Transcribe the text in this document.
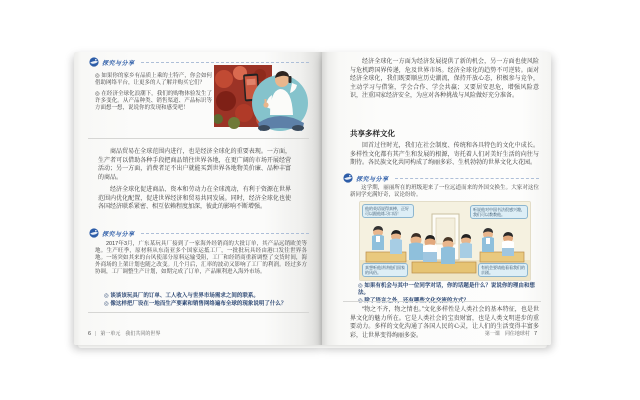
探究与分享
◎ 如果你的家乡有品质上乘的土特产，你会如何借助网络平台，让更多的人了解并购买它们？
◎ 在经济全球化浪潮下，我们的购物体验发生了许多变化。从产品种类、销售渠道、产品标识等方面想一想，说说你的发现和感受吧！
商品贸易在全球范围内进行，也是经济全球化的重要表现。一方面，生产者可以借助各种手段把商品销往世界各地，在更广阔的市场开展经营活动；另一方面，消费者足不出户就能买到世界各地物美价廉、品种丰富的商品。
经济全球化促进商品、资本和劳动力在全球流动，有利于资源在世界范围内优化配置，促进世界经济和贸易共同发展。同时，经济全球化也使各国经济联系紧密、相互依赖程度加深，彼此的影响不断增强。
探究与分享
2017年3月，广东某玩具厂接到了一家海外经销商的大批订单，其产品远销欧美等地。生产旺季，原材料从东南亚多个国家运抵工厂，一批批玩具经由港口发往世界各地。一场突如其来的台风使部分原料运输受阻，工厂和经销商重新调整了交货时间，海外商场的上架计划也随之改变。几个月后，汇率的波动又影响了工厂的利润。经过多方协调，工厂调整生产计划，如期完成了订单，产品顺利进入海外市场。
◎ 谈谈该玩具厂的订单、工人收入与世界市场需求之间的联系。
◎ 像这样把厂设在一地而生产要素和销售网络遍布全球的现象说明了什么？
6 | 第一单元　我们共同的世界
经济全球化一方面为经济发展提供了新的机会，另一方面也使风险与危机跨国界传递，危及世界市场。经济全球化的趋势不可逆转。面对经济全球化，我们既要顺应历史潮流，保持开放心态，积极参与竞争，主动学习与借鉴，学会合作、学会共赢；又要居安思危，增强风险意识，注重国家经济安全，为应对各种挑战与风险做好充分准备。
共享多样文化
回首过往时光，我们在社会制度、传统和各具特色的文化中成长。多样性文化都有其产生和发展的根源，寄托着人们对美好生活的向往与期待。各民族文化共同构成了绚丽多彩、生机勃勃的世界文化大花园。
探究与分享
这学期，丽丽所在的班级迎来了一位远道而来的外国交换生。大家对这位新同学充满好奇，议论纷纷。
他的英语说得真棒，正好可以跟他练习口语！
听说他对中国书法很感兴趣，我们可以教教他。
真想听他讲讲他们国家的风俗。
有机会要请他看看我们的京剧。
◎ 如果有机会与其中一位同学对话，你的话题是什么？说说你的理由和想法。
◎ 除了语言之外，还有哪些文化交流的方式？
“物之不齐，物之情也。”文化多样性是人类社会的基本特征，也是世界文化的魅力所在。它是人类社会的宝贵财富，也是人类文明进步的重要动力。多样的文化沟通了各国人民的心灵，让人们的生活变得丰富多彩，让世界变得绚丽多姿。	第一课　同住地球村 7
